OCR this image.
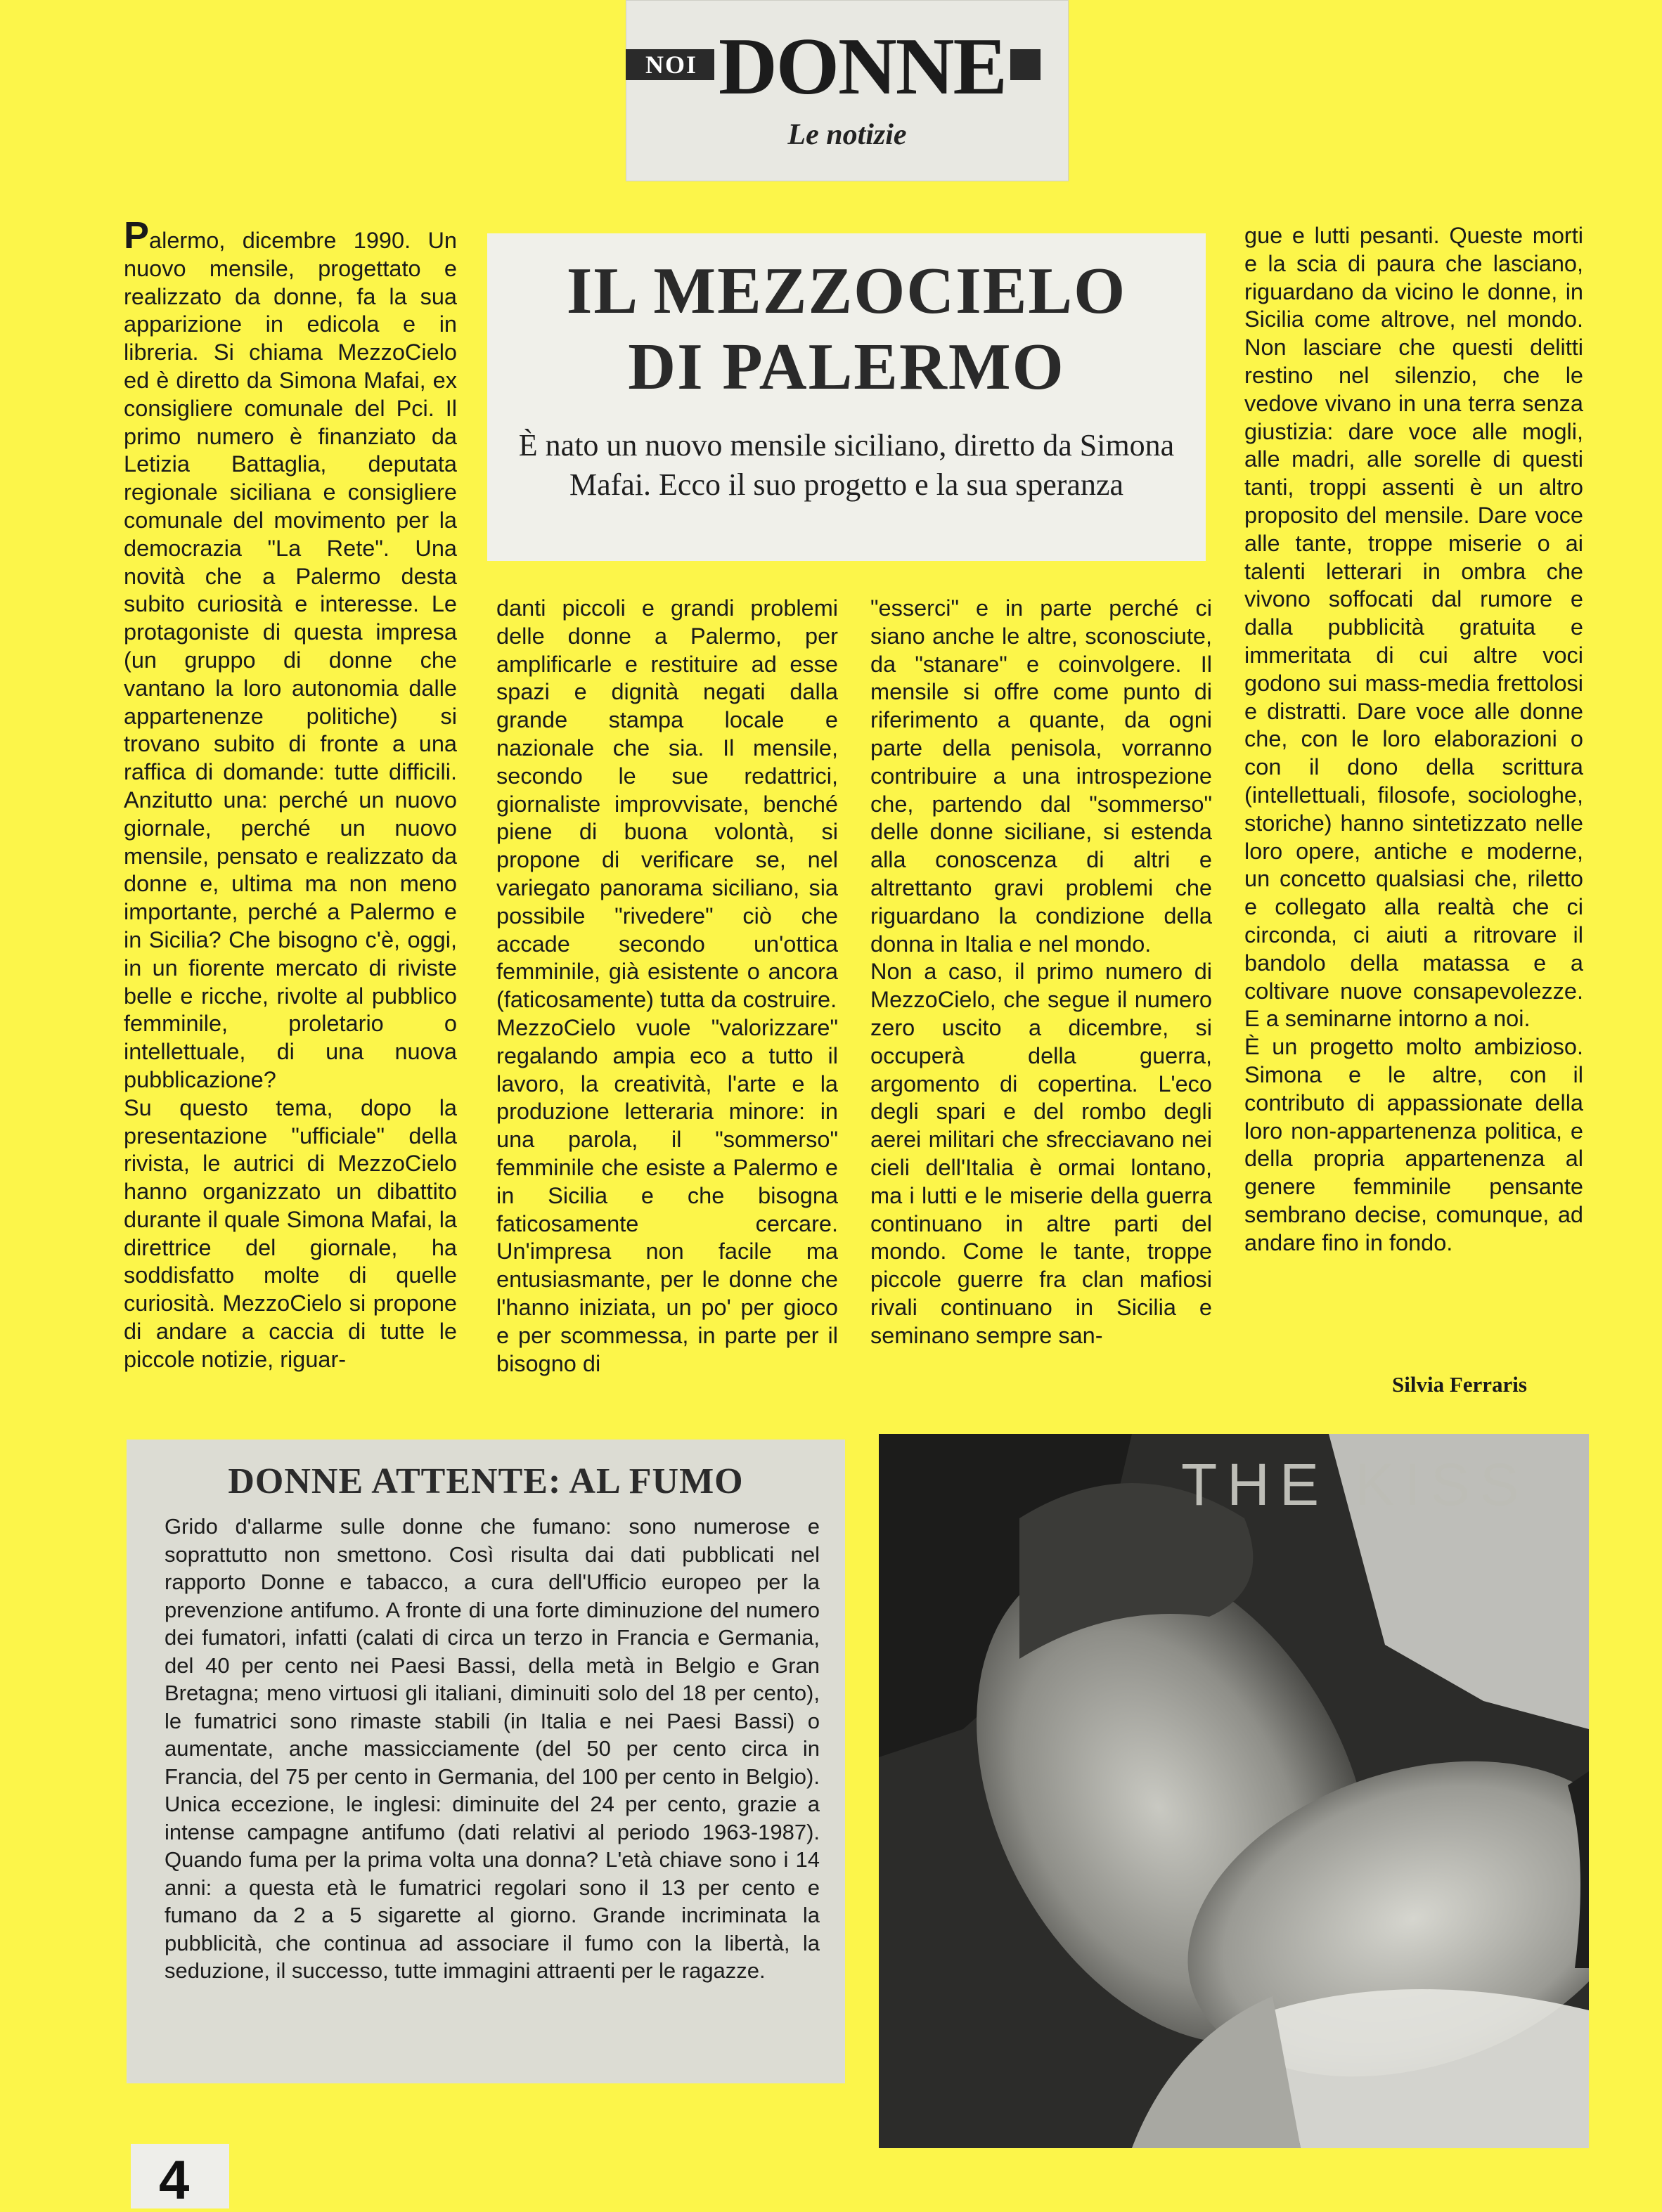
NOI DONNE
Le notizie

Palermo, dicembre 1990. Un nuovo mensile, progettato e realizzato da donne, fa la sua apparizione in edicola e in libreria. Si chiama MezzoCielo ed è diretto da Simona Mafai, ex consigliere comunale del Pci. Il primo numero è finanziato da Letizia Battaglia, deputata regionale siciliana e consigliere comunale del movimento per la democrazia "La Rete". Una novità che a Palermo desta subito curiosità e interesse. Le protagoniste di questa impresa (un gruppo di donne che vantano la loro autonomia dalle appartenenze politiche) si trovano subito di fronte a una raffica di domande: tutte difficili. Anzitutto una: perché un nuovo giornale, perché un nuovo mensile, pensato e realizzato da donne e, ultima ma non meno importante, perché a Palermo e in Sicilia? Che bisogno c'è, oggi, in un fiorente mercato di riviste belle e ricche, rivolte al pubblico femminile, proletario o intellettuale, di una nuova pubblicazione?

Su questo tema, dopo la presentazione "ufficiale" della rivista, le autrici di MezzoCielo hanno organizzato un dibattito durante il quale Simona Mafai, la direttrice del giornale, ha soddisfatto molte di quelle curiosità. MezzoCielo si propone di andare a caccia di tutte le piccole notizie, riguar-

IL MEZZOCIELO
DI PALERMO
È nato un nuovo mensile siciliano, diretto da Simona Mafai. Ecco il suo progetto e la sua speranza

danti piccoli e grandi problemi delle donne a Palermo, per amplificarle e restituire ad esse spazi e dignità negati dalla grande stampa locale e nazionale che sia. Il mensile, secondo le sue redattrici, giornaliste improvvisate, benché piene di buona volontà, si propone di verificare se, nel variegato panorama siciliano, sia possibile "rivedere" ciò che accade secondo un'ottica femminile, già esistente o ancora (faticosamente) tutta da costruire.

MezzoCielo vuole "valorizzare" regalando ampia eco a tutto il lavoro, la creatività, l'arte e la produzione letteraria minore: in una parola, il "sommerso" femminile che esiste a Palermo e in Sicilia e che bisogna faticosamente cercare. Un'impresa non facile ma entusiasmante, per le donne che l'hanno iniziata, un po' per gioco e per scommessa, in parte per il bisogno di

"esserci" e in parte perché ci siano anche le altre, sconosciute, da "stanare" e coinvolgere. Il mensile si offre come punto di riferimento a quante, da ogni parte della penisola, vorranno contribuire a una introspezione che, partendo dal "sommerso" delle donne siciliane, si estenda alla conoscenza di altri e altrettanto gravi problemi che riguardano la condizione della donna in Italia e nel mondo.

Non a caso, il primo numero di MezzoCielo, che segue il numero zero uscito a dicembre, si occuperà della guerra, argomento di copertina. L'eco degli spari e del rombo degli aerei militari che sfrecciavano nei cieli dell'Italia è ormai lontano, ma i lutti e le miserie della guerra continuano in altre parti del mondo. Come le tante, troppe piccole guerre fra clan mafiosi rivali continuano in Sicilia e seminano sempre san-

gue e lutti pesanti. Queste morti e la scia di paura che lasciano, riguardano da vicino le donne, in Sicilia come altrove, nel mondo. Non lasciare che questi delitti restino nel silenzio, che le vedove vivano in una terra senza giustizia: dare voce alle mogli, alle madri, alle sorelle di questi tanti, troppi assenti è un altro proposito del mensile. Dare voce alle tante, troppe miserie o ai talenti letterari in ombra che vivono soffocati dal rumore e dalla pubblicità gratuita e immeritata di cui altre voci godono sui mass-media frettolosi e distratti. Dare voce alle donne che, con le loro elaborazioni o con il dono della scrittura (intellettuali, filosofe, sociologhe, storiche) hanno sintetizzato nelle loro opere, antiche e moderne, un concetto qualsiasi che, riletto e collegato alla realtà che ci circonda, ci aiuti a ritrovare il bandolo della matassa e a coltivare nuove consapevolezze. E a seminarne intorno a noi.

È un progetto molto ambizioso. Simona e le altre, con il contributo di appassionate della loro non-appartenenza politica, e della propria appartenenza al genere femminile pensante sembrano decise, comunque, ad andare fino in fondo.

Silvia Ferraris
DONNE ATTENTE: AL FUMO
Grido d'allarme sulle donne che fumano: sono numerose e soprattutto non smettono. Così risulta dai dati pubblicati nel rapporto Donne e tabacco, a cura dell'Ufficio europeo per la prevenzione antifumo. A fronte di una forte diminuzione del numero dei fumatori, infatti (calati di circa un terzo in Francia e Germania, del 40 per cento nei Paesi Bassi, della metà in Belgio e Gran Bretagna; meno virtuosi gli italiani, diminuiti solo del 18 per cento), le fumatrici sono rimaste stabili (in Italia e nei Paesi Bassi) o aumentate, anche massicciamente (del 50 per cento circa in Francia, del 75 per cento in Germania, del 100 per cento in Belgio). Unica eccezione, le inglesi: diminuite del 24 per cento, grazie a intense campagne antifumo (dati relativi al periodo 1963-1987). Quando fuma per la prima volta una donna? L'età chiave sono i 14 anni: a questa età le fumatrici regolari sono il 13 per cento e fumano da 2 a 5 sigarette al giorno. Grande incriminata la pubblicità, che continua ad associare il fumo con la libertà, la seduzione, il successo, tutte immagini attraenti per le ragazze.
THE KISS
4
